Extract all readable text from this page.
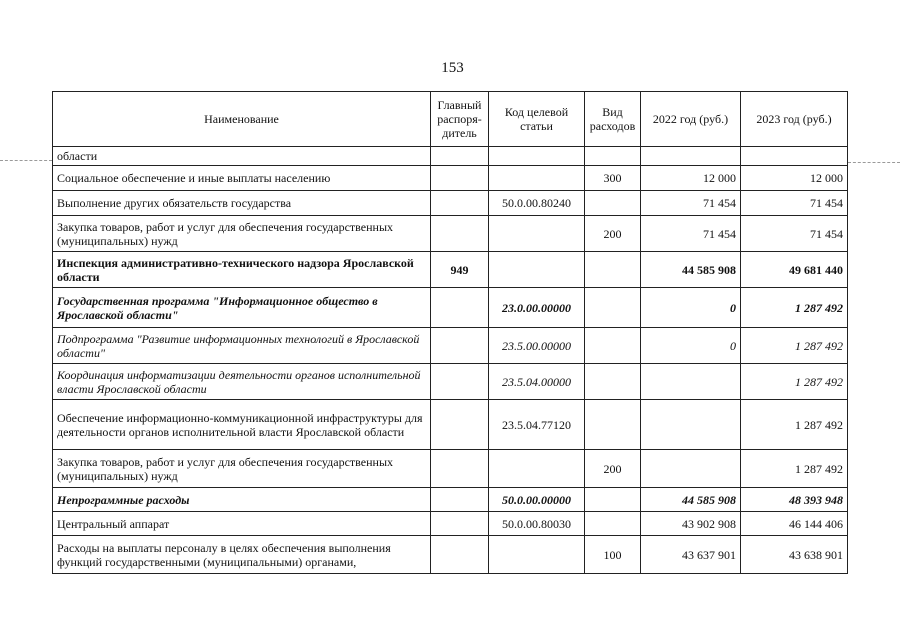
153
Наименование	Главный распоря-дитель	Код целевой статьи	Вид расходов	2022 год (руб.)	2023 год (руб.)
области					
Социальное обеспечение и иные выплаты населению			300	12 000	12 000
Выполнение других обязательств государства		50.0.00.80240		71 454	71 454
Закупка товаров, работ и услуг для обеспечения государственных (муниципальных) нужд			200	71 454	71 454
Инспекция административно-технического надзора Ярославской области	949			44 585 908	49 681 440
Государственная программа "Информационное общество в Ярославской области"		23.0.00.00000		0	1 287 492
Подпрограмма "Развитие информационных технологий в Ярославской области"		23.5.00.00000		0	1 287 492
Координация информатизации деятельности органов исполнительной власти Ярославской области		23.5.04.00000			1 287 492
Обеспечение информационно-коммуникационной инфраструктуры для деятельности органов исполнительной власти Ярославской области		23.5.04.77120			1 287 492
Закупка товаров, работ и услуг для обеспечения государственных (муниципальных) нужд			200		1 287 492
Непрограммные расходы		50.0.00.00000		44 585 908	48 393 948
Центральный аппарат		50.0.00.80030		43 902 908	46 144 406
Расходы на выплаты персоналу в целях обеспечения выполнения функций государственными (муниципальными) органами,			100	43 637 901	43 638 901
